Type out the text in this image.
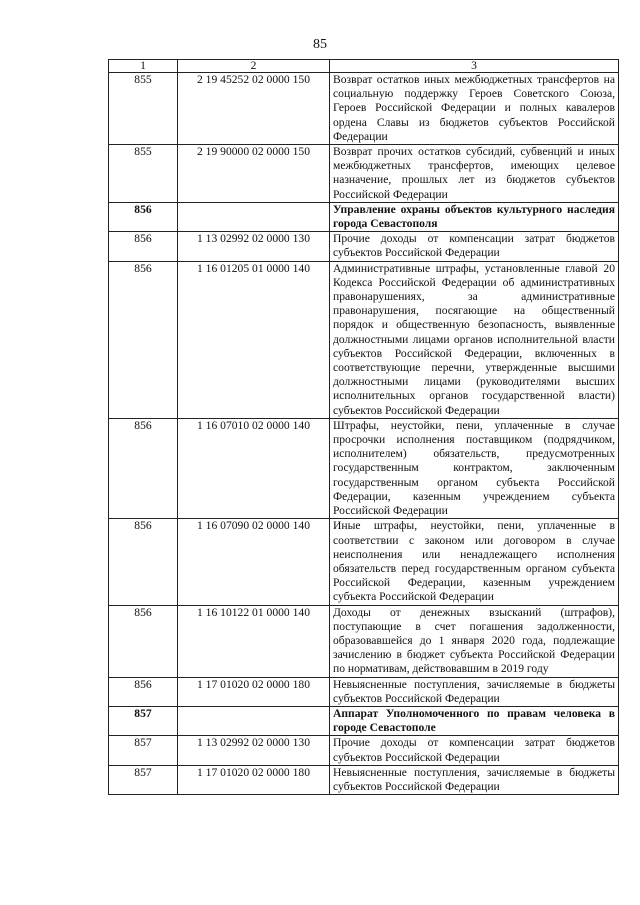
85
1	2	3
855	2 19 45252 02 0000 150	Возврат остатков иных межбюджетных трансфертов на социальную поддержку Героев Советского Союза, Героев Российской Федерации и полных кавалеров ордена Славы из бюджетов субъектов Российской Федерации
855	2 19 90000 02 0000 150	Возврат прочих остатков субсидий, субвенций и иных межбюджетных трансфертов, имеющих целевое назначение, прошлых лет из бюджетов субъектов Российской Федерации
856		Управление охраны объектов культурного наследия города Севастополя
856	1 13 02992 02 0000 130	Прочие доходы от компенсации затрат бюджетов субъектов Российской Федерации
856	1 16 01205 01 0000 140	Административные штрафы, установленные главой 20 Кодекса Российской Федерации об административных правонарушениях, за административные правонарушения, посягающие на общественный порядок и общественную безопасность, выявленные должностными лицами органов исполнительной власти субъектов Российской Федерации, включенных в соответствующие перечни, утвержденные высшими должностными лицами (руководителями высших исполнительных органов государственной власти) субъектов Российской Федерации
856	1 16 07010 02 0000 140	Штрафы, неустойки, пени, уплаченные в случае просрочки исполнения поставщиком (подрядчиком, исполнителем) обязательств, предусмотренных государственным контрактом, заключенным государственным органом субъекта Российской Федерации, казенным учреждением субъекта Российской Федерации
856	1 16 07090 02 0000 140	Иные штрафы, неустойки, пени, уплаченные в соответствии с законом или договором в случае неисполнения или ненадлежащего исполнения обязательств перед государственным органом субъекта Российской Федерации, казенным учреждением субъекта Российской Федерации
856	1 16 10122 01 0000 140	Доходы от денежных взысканий (штрафов), поступающие в счет погашения задолженности, образовавшейся до 1 января 2020 года, подлежащие зачислению в бюджет субъекта Российской Федерации по нормативам, действовавшим в 2019 году
856	1 17 01020 02 0000 180	Невыясненные поступления, зачисляемые в бюджеты субъектов Российской Федерации
857		Аппарат Уполномоченного по правам человека в городе Севастополе
857	1 13 02992 02 0000 130	Прочие доходы от компенсации затрат бюджетов субъектов Российской Федерации
857	1 17 01020 02 0000 180	Невыясненные поступления, зачисляемые в бюджеты субъектов Российской Федерации
